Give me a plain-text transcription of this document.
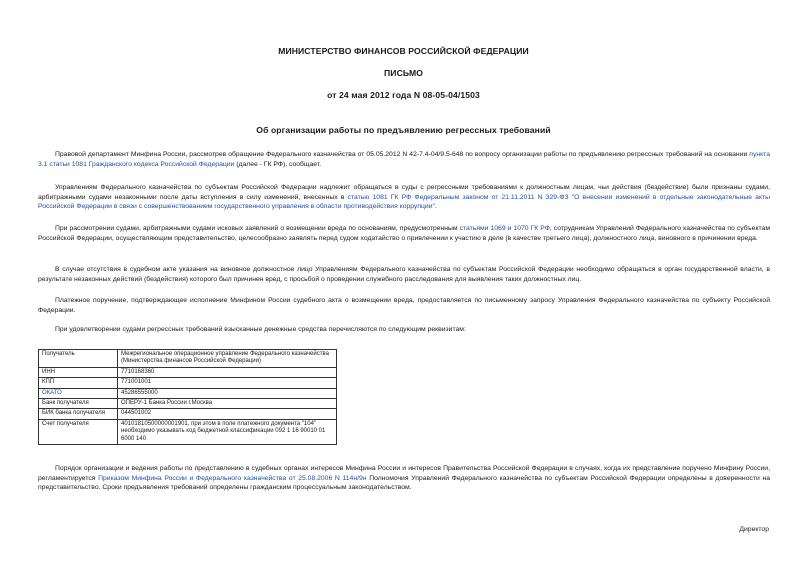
МИНИСТЕРСТВО ФИНАНСОВ РОССИЙСКОЙ ФЕДЕРАЦИИ
ПИСЬМО
от 24 мая 2012 года N 08-05-04/1503
Об организации работы по предъявлению регрессных требований
Правовой департамент Минфина России, рассмотрев обращение Федерального казначейства от 05.05.2012 N 42-7.4-04/9.5-648 по вопросу организации работы по предъявлению регрессных требований на основании пункта 3.1 статьи 1081 Гражданского кодекса Российской Федерации (далее - ГК РФ), сообщает.
Управлениям Федерального казначейства по субъектам Российской Федерации надлежит обращаться в суды с регрессными требованиями к должностным лицам, чьи действия (бездействие) были признаны судами, арбитражными судами незаконными после даты вступления в силу изменений, внесенных в статью 1081 ГК РФ Федеральным законом от 21.11.2011 N 329-ФЗ "О внесении изменений в отдельные законодательные акты Российской Федерации в связи с совершенствованием государственного управления в области противодействия коррупции".
При рассмотрении судами, арбитражными судами исковых заявлений о возмещении вреда по основаниям, предусмотренным статьями 1069 и 1070 ГК РФ, сотрудникам Управлений Федерального казначейства по субъектам Российской Федерации, осуществляющим представительство, целесообразно заявлять перед судом ходатайство о привлечении к участию в деле (в качестве третьего лица), должностного лица, виновного в причинении вреда.
В случае отсутствия в судебном акте указания на виновное должностное лицо Управлениям Федерального казначейства по субъектам Российской Федерации необходимо обращаться в орган государственной власти, в результате незаконных действий (бездействия) которого был причинен вред, с просьбой о проведении служебного расследования для выявления таких должностных лиц.
Платежное поручение, подтверждающее исполнение Минфином России судебного акта о возмещении вреда, предоставляется по письменному запросу Управления Федерального казначейства по субъекту Российской Федерации.
При удовлетворении судами регрессных требований взысканные денежные средства перечисляются по следующим реквизитам:
Получатель	Межрегиональное операционное управление Федерального казначейства (Министерства финансов Российской Федерации)
ИНН	7710168360
КПП	771001001
ОКАТО	45286555000
Банк получателя	ОПЕРУ-1 Банка России г.Москва
БИК банка получателя	044501002
Счет получателя	40101810500000001901, при этом в поле платежного документа "104" необходимо указывать код бюджетной классификации 092 1 16 90010 01 6000 140
Порядок организации и ведения работы по представлению в судебных органах интересов Минфина России и интересов Правительства Российской Федерации в случаях, когда их представление поручено Минфину России, регламентируется Приказом Минфина России и Федерального казначейства от 25.08.2006 N 114н/9н Полномочия Управлений Федерального казначейства по субъектам Российской Федерации определены в доверенности на представительство. Сроки предъявления требований определены гражданским процессуальным законодательством.
Директор
